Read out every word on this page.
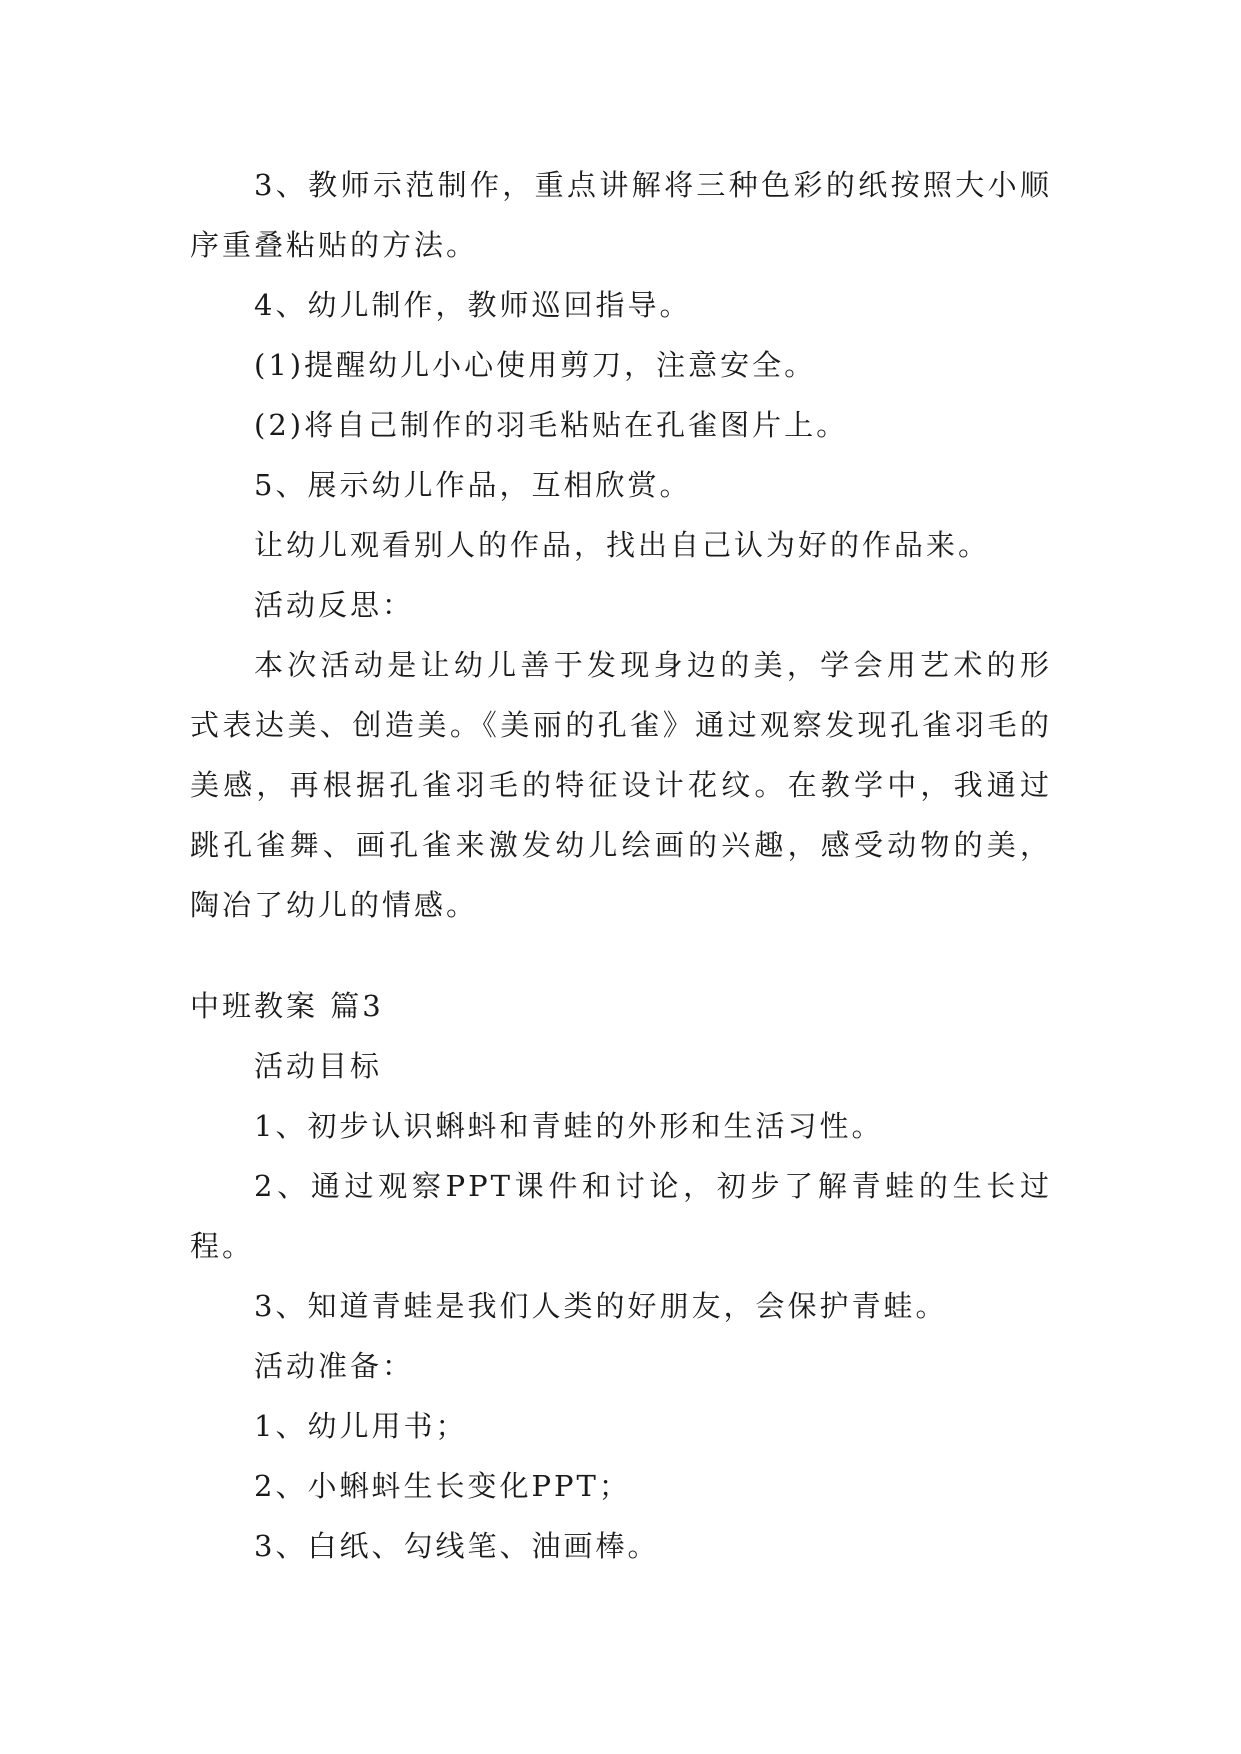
3、教师示范制作，重点讲解将三种色彩的纸按照大小顺序重叠粘贴的方法。

4、幼儿制作，教师巡回指导。

(1)提醒幼儿小心使用剪刀，注意安全。

(2)将自己制作的羽毛粘贴在孔雀图片上。

5、展示幼儿作品，互相欣赏。

让幼儿观看别人的作品，找出自己认为好的作品来。

活动反思：

本次活动是让幼儿善于发现身边的美，学会用艺术的形式表达美、创造美。《美丽的孔雀》通过观察发现孔雀羽毛的美感，再根据孔雀羽毛的特征设计花纹。在教学中，我通过跳孔雀舞、画孔雀来激发幼儿绘画的兴趣，感受动物的美，陶冶了幼儿的情感。

中班教案 篇3

活动目标

1、初步认识蝌蚪和青蛙的外形和生活习性。

2、通过观察PPT课件和讨论，初步了解青蛙的生长过程。

3、知道青蛙是我们人类的好朋友，会保护青蛙。

活动准备：

1、幼儿用书；

2、小蝌蚪生长变化PPT；

3、白纸、勾线笔、油画棒。
